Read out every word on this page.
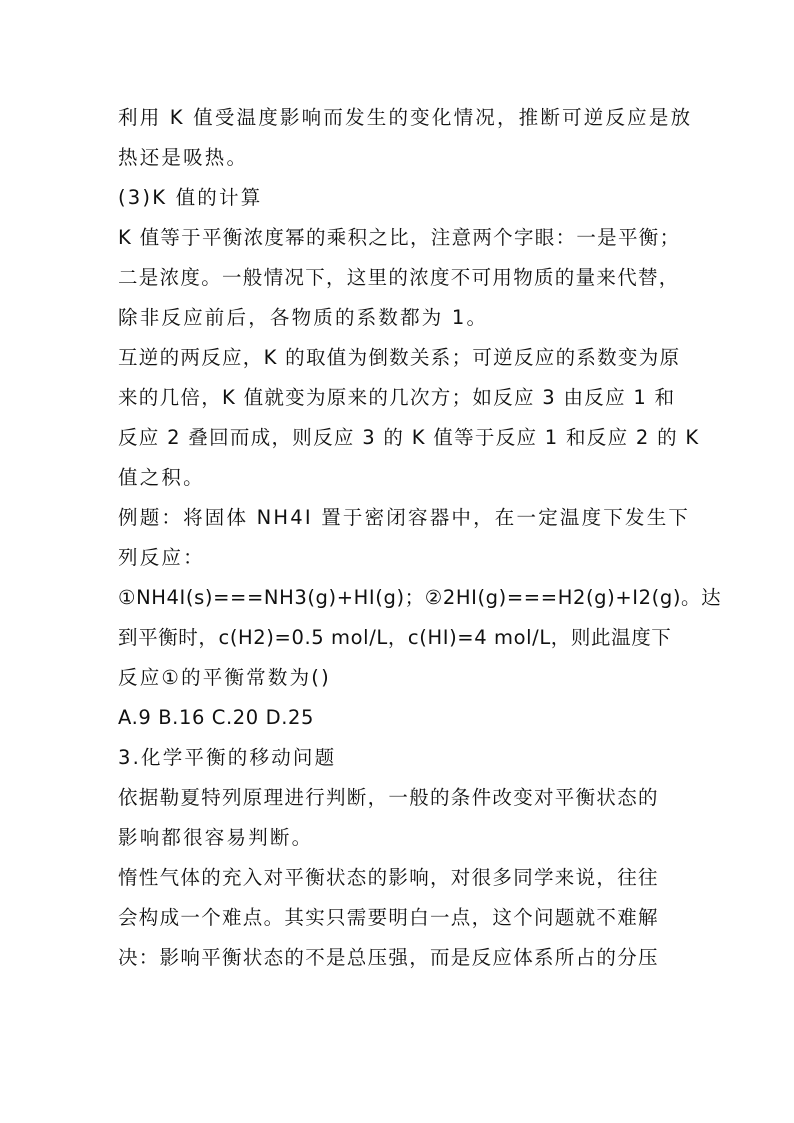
利用 K 值受温度影响而发生的变化情况，推断可逆反应是放
热还是吸热。
(3)K 值的计算
K 值等于平衡浓度幂的乘积之比，注意两个字眼：一是平衡；
二是浓度。一般情况下，这里的浓度不可用物质的量来代替，
除非反应前后，各物质的系数都为 1。
互逆的两反应，K 的取值为倒数关系；可逆反应的系数变为原
来的几倍，K 值就变为原来的几次方；如反应 3 由反应 1 和
反应 2 叠回而成，则反应 3 的 K 值等于反应 1 和反应 2 的 K
值之积。
例题：将固体 NH4I 置于密闭容器中，在一定温度下发生下
列反应：
①NH4I(s)===NH3(g)+HI(g)；②2HI(g)===H2(g)+I2(g)。达
到平衡时，c(H2)=0.5 mol/L，c(HI)=4 mol/L，则此温度下
反应①的平衡常数为()
A.9 B.16 C.20 D.25
3.化学平衡的移动问题
依据勒夏特列原理进行判断，一般的条件改变对平衡状态的
影响都很容易判断。
惰性气体的充入对平衡状态的影响，对很多同学来说，往往
会构成一个难点。其实只需要明白一点，这个问题就不难解
决：影响平衡状态的不是总压强，而是反应体系所占的分压
